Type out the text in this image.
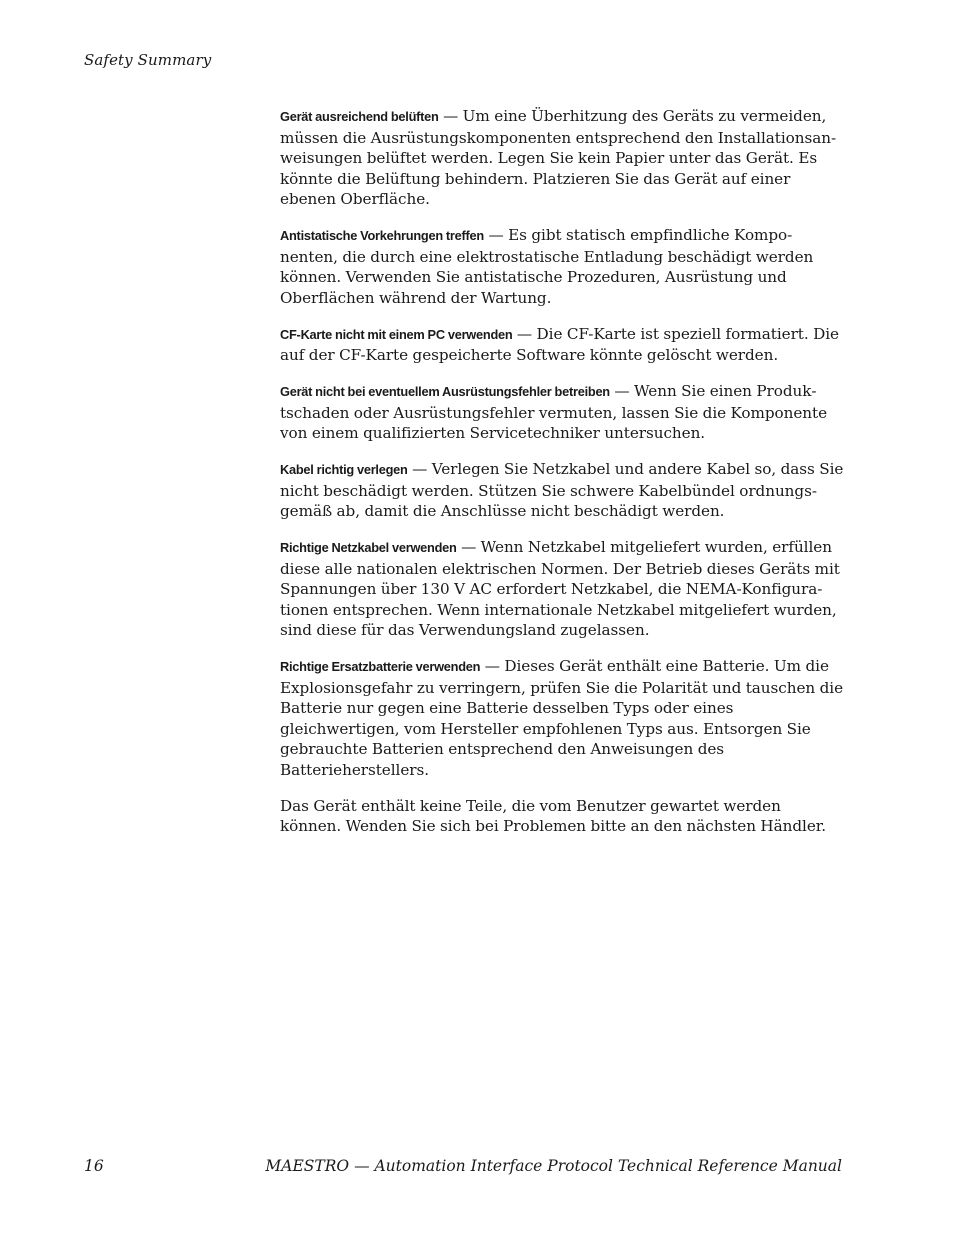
Safety Summary

Gerät ausreichend belüften — Um eine Überhitzung des Geräts zu vermeiden, müssen die Ausrüstungskomponenten entsprechend den Installationsanweisungen belüftet werden. Legen Sie kein Papier unter das Gerät. Es könnte die Belüftung behindern. Platzieren Sie das Gerät auf einer ebenen Oberfläche.

Antistatische Vorkehrungen treffen — Es gibt statisch empfindliche Komponenten, die durch eine elektrostatische Entladung beschädigt werden können. Verwenden Sie antistatische Prozeduren, Ausrüstung und Oberflächen während der Wartung.

CF-Karte nicht mit einem PC verwenden — Die CF-Karte ist speziell formatiert. Die auf der CF-Karte gespeicherte Software könnte gelöscht werden.

Gerät nicht bei eventuellem Ausrüstungsfehler betreiben — Wenn Sie einen Produktschaden oder Ausrüstungsfehler vermuten, lassen Sie die Komponente von einem qualifizierten Servicetechniker untersuchen.

Kabel richtig verlegen — Verlegen Sie Netzkabel und andere Kabel so, dass Sie nicht beschädigt werden. Stützen Sie schwere Kabelbündel ordnungsgemäß ab, damit die Anschlüsse nicht beschädigt werden.

Richtige Netzkabel verwenden — Wenn Netzkabel mitgeliefert wurden, erfüllen diese alle nationalen elektrischen Normen. Der Betrieb dieses Geräts mit Spannungen über 130 V AC erfordert Netzkabel, die NEMA-Konfigurationen entsprechen. Wenn internationale Netzkabel mitgeliefert wurden, sind diese für das Verwendungsland zugelassen.

Richtige Ersatzbatterie verwenden — Dieses Gerät enthält eine Batterie. Um die Explosionsgefahr zu verringern, prüfen Sie die Polarität und tauschen die Batterie nur gegen eine Batterie desselben Typs oder eines gleichwertigen, vom Hersteller empfohlenen Typs aus. Entsorgen Sie gebrauchte Batterien entsprechend den Anweisungen des Batterieherstellers.

Das Gerät enthält keine Teile, die vom Benutzer gewartet werden können. Wenden Sie sich bei Problemen bitte an den nächsten Händler.

16	MAESTRO — Automation Interface Protocol Technical Reference Manual
